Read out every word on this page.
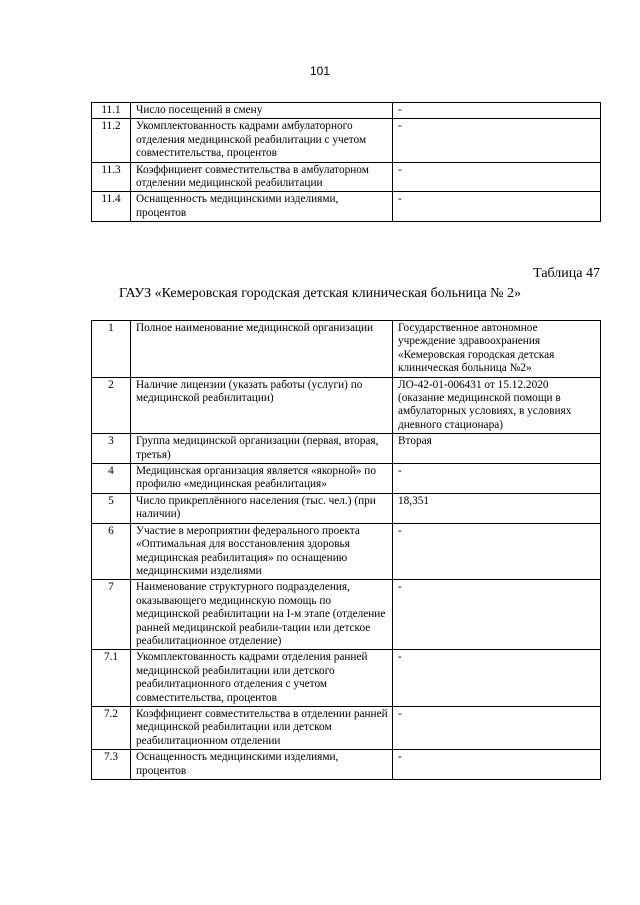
101
11.1	Число посещений в смену	-
11.2	Укомплектованность кадрами амбулаторного отделения медицинской реабилитации с учетом совместительства, процентов	-
11.3	Коэффициент совместительства в амбулаторном отделении медицинской реабилитации	-
11.4	Оснащенность медицинскими изделиями, процентов	-
Таблица 47
ГАУЗ «Кемеровская городская детская клиническая больница № 2»
1	Полное наименование медицинской организации	Государственное автономное учреждение здравоохранения «Кемеровская городская детская клиническая больница №2»
2	Наличие лицензии (указать работы (услуги) по медицинской реабилитации)	ЛО-42-01-006431 от 15.12.2020 (оказание медицинской помощи в амбулаторных условиях, в условиях дневного стационара)
3	Группа медицинской организации (первая, вторая, третья)	Вторая
4	Медицинская организация является «якорной» по профилю «медицинская реабилитация»	-
5	Число прикреплённого населения (тыс. чел.) (при наличии)	18,351
6	Участие в мероприятии федерального проекта «Оптимальная для восстановления здоровья медицинская реабилитация» по оснащению медицинскими изделиями	-
7	Наименование структурного подразделения, оказывающего медицинскую помощь по медицинской реабилитации на I-м этапе (отделение ранней медицинской реабили-тации или детское реабилитационное отделение)	-
7.1	Укомплектованность кадрами отделения ранней медицинской реабилитации или детского реабилитационного отделения с учетом совместительства, процентов	-
7.2	Коэффициент совместительства в отделении ранней медицинской реабилитации или детском реабилитационном отделении	-
7.3	Оснащенность медицинскими изделиями, процентов	-
